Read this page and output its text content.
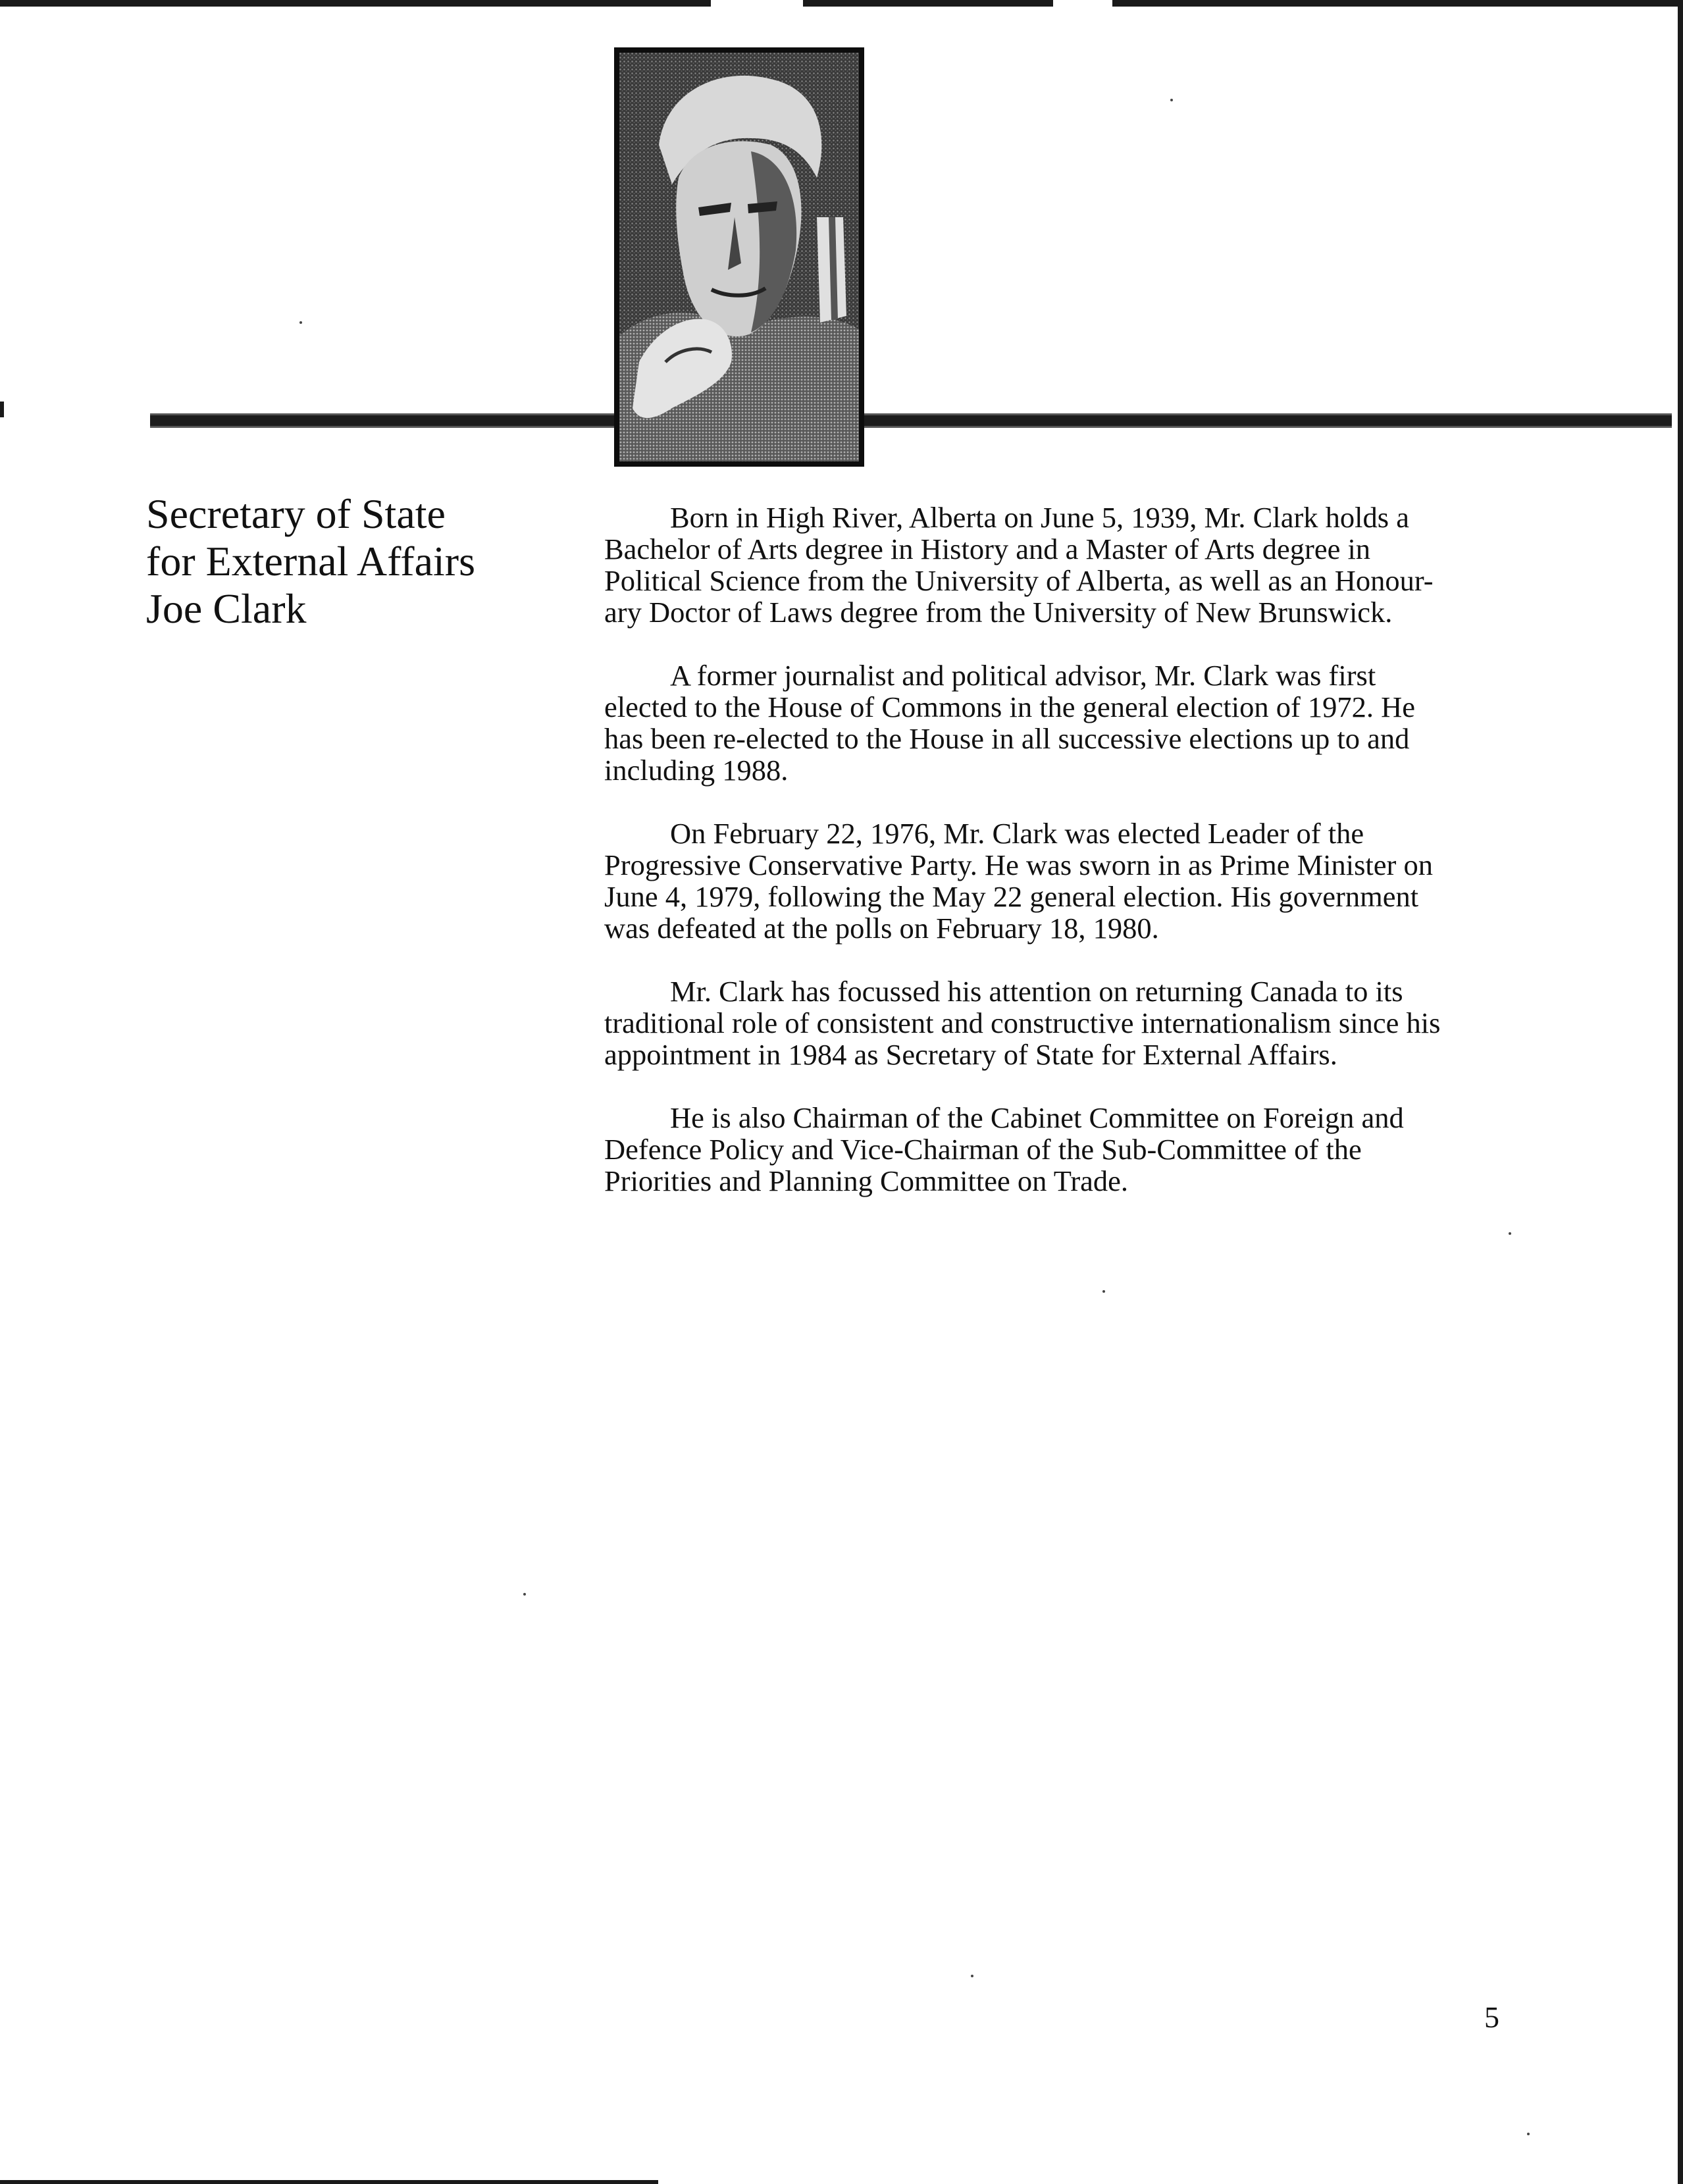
Secretary of State
for External Affairs
Joe Clark

Born in High River, Alberta on June 5, 1939, Mr. Clark holds a
Bachelor of Arts degree in History and a Master of Arts degree in
Political Science from the University of Alberta, as well as an Honour-
ary Doctor of Laws degree from the University of New Brunswick.

A former journalist and political advisor, Mr. Clark was first
elected to the House of Commons in the general election of 1972. He
has been re-elected to the House in all successive elections up to and
including 1988.

On February 22, 1976, Mr. Clark was elected Leader of the
Progressive Conservative Party. He was sworn in as Prime Minister on
June 4, 1979, following the May 22 general election. His government
was defeated at the polls on February 18, 1980.

Mr. Clark has focussed his attention on returning Canada to its
traditional role of consistent and constructive internationalism since his
appointment in 1984 as Secretary of State for External Affairs.

He is also Chairman of the Cabinet Committee on Foreign and
Defence Policy and Vice-Chairman of the Sub-Committee of the
Priorities and Planning Committee on Trade.

5
